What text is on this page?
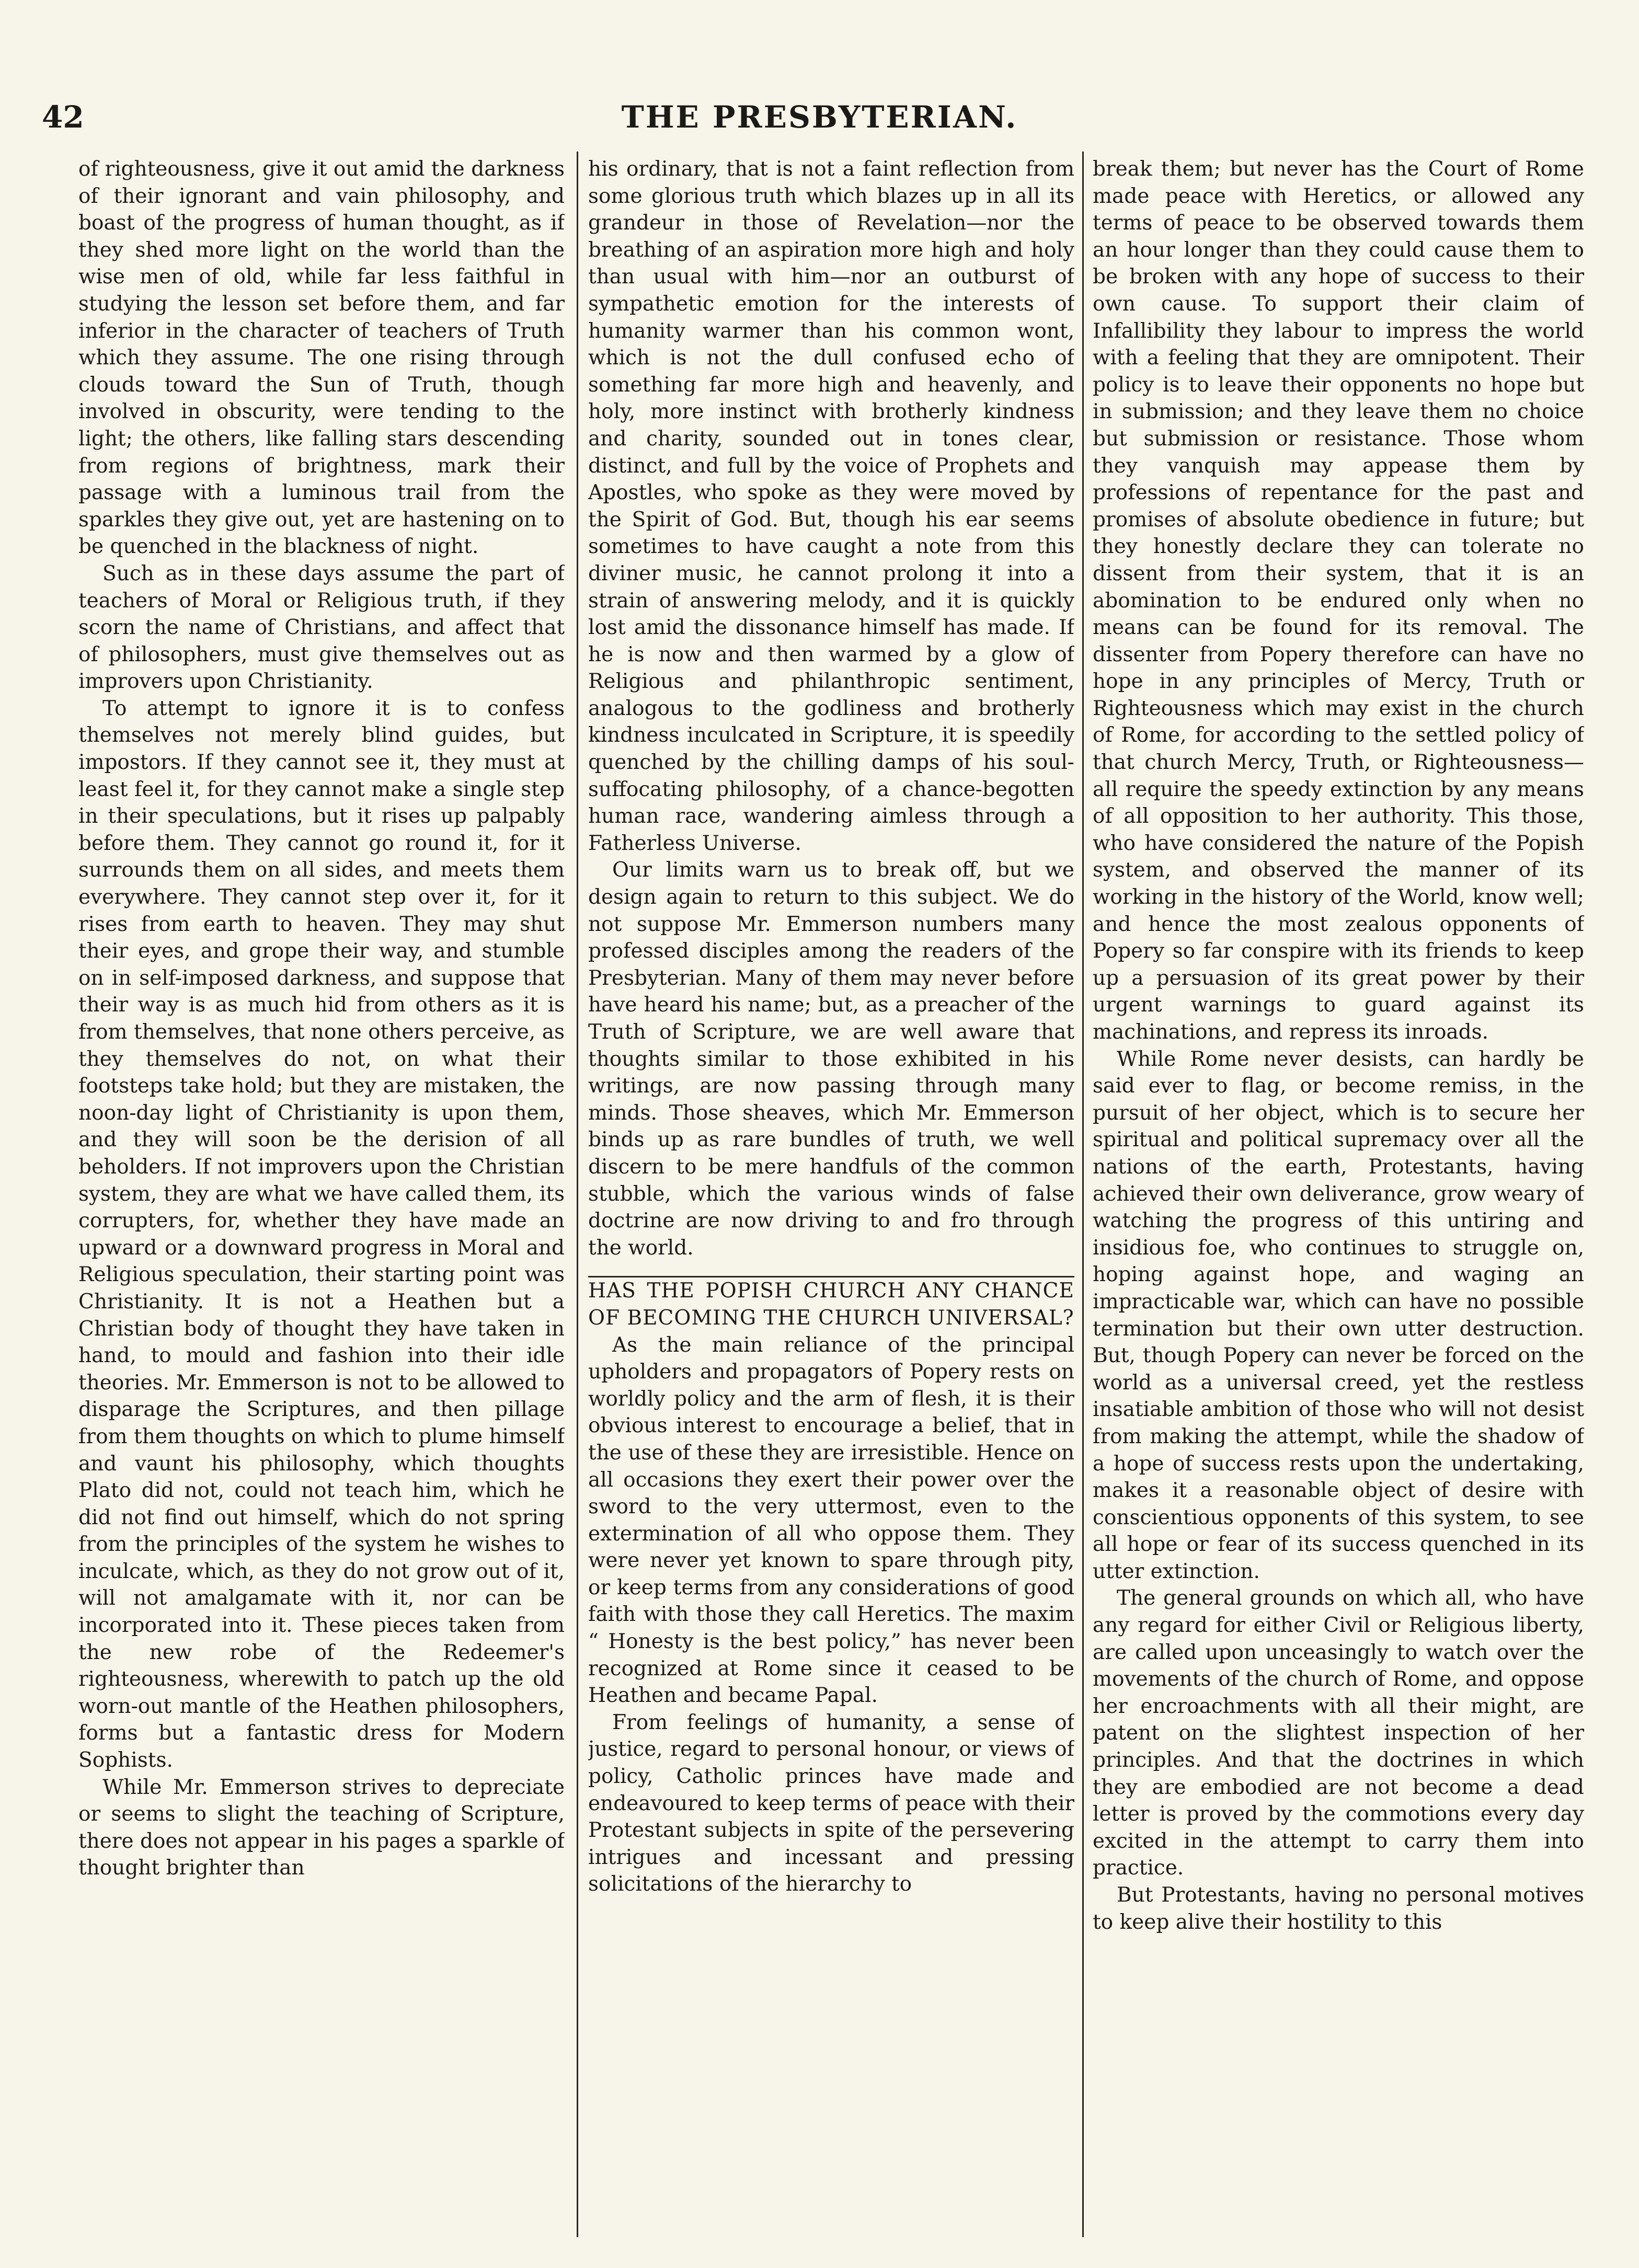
42	THE PRESBYTERIAN.

of righteousness, give it out amid the darkness of their ignorant and vain philosophy, and boast of the progress of human thought, as if they shed more light on the world than the wise men of old, while far less faithful in studying the lesson set before them, and far inferior in the character of teachers of Truth which they assume. The one rising through clouds toward the Sun of Truth, though involved in obscurity, were tending to the light; the others, like falling stars descending from regions of brightness, mark their passage with a luminous trail from the sparkles they give out, yet are hastening on to be quenched in the blackness of night.

Such as in these days assume the part of teachers of Moral or Religious truth, if they scorn the name of Christians, and affect that of philosophers, must give themselves out as improvers upon Christianity.

To attempt to ignore it is to confess themselves not merely blind guides, but impostors. If they cannot see it, they must at least feel it, for they cannot make a single step in their speculations, but it rises up palpably before them. They cannot go round it, for it surrounds them on all sides, and meets them everywhere. They cannot step over it, for it rises from earth to heaven. They may shut their eyes, and grope their way, and stumble on in self-imposed darkness, and suppose that their way is as much hid from others as it is from themselves, that none others perceive, as they themselves do not, on what their footsteps take hold; but they are mistaken, the noon-day light of Christianity is upon them, and they will soon be the derision of all beholders. If not improvers upon the Christian system, they are what we have called them, its corrupters, for, whether they have made an upward or a downward progress in Moral and Religious speculation, their starting point was Christianity. It is not a Heathen but a Christian body of thought they have taken in hand, to mould and fashion into their idle theories. Mr. Emmerson is not to be allowed to disparage the Scriptures, and then pillage from them thoughts on which to plume himself and vaunt his philosophy, which thoughts Plato did not, could not teach him, which he did not find out himself, which do not spring from the principles of the system he wishes to inculcate, which, as they do not grow out of it, will not amalgamate with it, nor can be incorporated into it. These pieces taken from the new robe of the Redeemer's righteousness, wherewith to patch up the old worn-out mantle of the Heathen philosophers, forms but a fantastic dress for Modern Sophists.

While Mr. Emmerson strives to depreciate or seems to slight the teaching of Scripture, there does not appear in his pages a sparkle of thought brighter than

his ordinary, that is not a faint reflection from some glorious truth which blazes up in all its grandeur in those of Revelation—nor the breathing of an aspiration more high and holy than usual with him—nor an outburst of sympathetic emotion for the interests of humanity warmer than his common wont, which is not the dull confused echo of something far more high and heavenly, and holy, more instinct with brotherly kindness and charity, sounded out in tones clear, distinct, and full by the voice of Prophets and Apostles, who spoke as they were moved by the Spirit of God. But, though his ear seems sometimes to have caught a note from this diviner music, he cannot prolong it into a strain of answering melody, and it is quickly lost amid the dissonance himself has made. If he is now and then warmed by a glow of Religious and philanthropic sentiment, analogous to the godliness and brotherly kindness inculcated in Scripture, it is speedily quenched by the chilling damps of his soul-suffocating philosophy, of a chance-begotten human race, wandering aimless through a Fatherless Universe.

Our limits warn us to break off, but we design again to return to this subject. We do not suppose Mr. Emmerson numbers many professed disciples among the readers of the Presbyterian. Many of them may never before have heard his name; but, as a preacher of the Truth of Scripture, we are well aware that thoughts similar to those exhibited in his writings, are now passing through many minds. Those sheaves, which Mr. Emmerson binds up as rare bundles of truth, we well discern to be mere handfuls of the common stubble, which the various winds of false doctrine are now driving to and fro through the world.

HAS THE POPISH CHURCH ANY CHANCE OF BECOMING THE CHURCH UNIVERSAL?

As the main reliance of the principal upholders and propagators of Popery rests on worldly policy and the arm of flesh, it is their obvious interest to encourage a belief, that in the use of these they are irresistible. Hence on all occasions they exert their power over the sword to the very uttermost, even to the extermination of all who oppose them. They were never yet known to spare through pity, or keep terms from any considerations of good faith with those they call Heretics. The maxim “ Honesty is the best policy,” has never been recognized at Rome since it ceased to be Heathen and became Papal.

From feelings of humanity, a sense of justice, regard to personal honour, or views of policy, Catholic princes have made and endeavoured to keep terms of peace with their Protestant subjects in spite of the persevering intrigues and incessant and pressing solicitations of the hierarchy to

break them; but never has the Court of Rome made peace with Heretics, or allowed any terms of peace to be observed towards them an hour longer than they could cause them to be broken with any hope of success to their own cause. To support their claim of Infallibility they labour to impress the world with a feeling that they are omnipotent. Their policy is to leave their opponents no hope but in submission; and they leave them no choice but submission or resistance. Those whom they vanquish may appease them by professions of repentance for the past and promises of absolute obedience in future; but they honestly declare they can tolerate no dissent from their system, that it is an abomination to be endured only when no means can be found for its removal. The dissenter from Popery therefore can have no hope in any principles of Mercy, Truth or Righteousness which may exist in the church of Rome, for according to the settled policy of that church Mercy, Truth, or Righteousness—all require the speedy extinction by any means of all opposition to her authority. This those, who have considered the nature of the Popish system, and observed the manner of its working in the history of the World, know well; and hence the most zealous opponents of Popery so far conspire with its friends to keep up a persuasion of its great power by their urgent warnings to guard against its machinations, and repress its inroads.

While Rome never desists, can hardly be said ever to flag, or become remiss, in the pursuit of her object, which is to secure her spiritual and political supremacy over all the nations of the earth, Protestants, having achieved their own deliverance, grow weary of watching the progress of this untiring and insidious foe, who continues to struggle on, hoping against hope, and waging an impracticable war, which can have no possible termination but their own utter destruction. But, though Popery can never be forced on the world as a universal creed, yet the restless insatiable ambition of those who will not desist from making the attempt, while the shadow of a hope of success rests upon the undertaking, makes it a reasonable object of desire with conscientious opponents of this system, to see all hope or fear of its success quenched in its utter extinction.

The general grounds on which all, who have any regard for either Civil or Religious liberty, are called upon unceasingly to watch over the movements of the church of Rome, and oppose her encroachments with all their might, are patent on the slightest inspection of her principles. And that the doctrines in which they are embodied are not become a dead letter is proved by the commotions every day excited in the attempt to carry them into practice.

But Protestants, having no personal motives to keep alive their hostility to this
